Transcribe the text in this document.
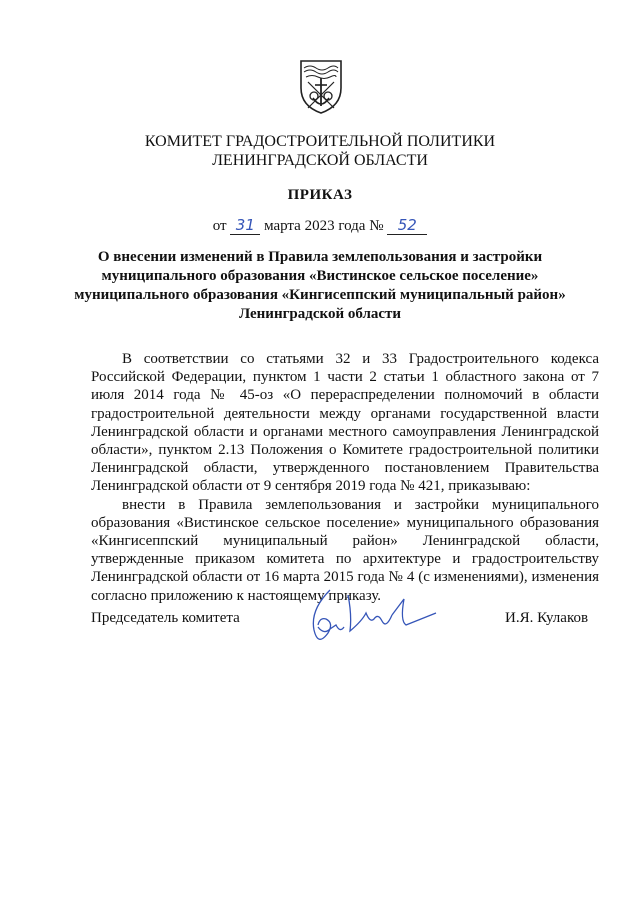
КОМИТЕТ ГРАДОСТРОИТЕЛЬНОЙ ПОЛИТИКИ
ЛЕНИНГРАДСКОЙ ОБЛАСТИ
ПРИКАЗ
от 31 марта 2023 года № 52
О внесении изменений в Правила землепользования и застройки
муниципального образования «Вистинское сельское поселение»
муниципального образования «Кингисеппский муниципальный район»
Ленинградской области

В соответствии со статьями 32 и 33 Градостроительного кодекса Российской Федерации, пунктом 1 части 2 статьи 1 областного закона от 7 июля 2014 года № 45-оз «О перераспределении полномочий в области градостроительной деятельности между органами государственной власти Ленинградской области и органами местного самоуправления Ленинградской области», пунктом 2.13 Положения о Комитете градостроительной политики Ленинградской области, утвержденного постановлением Правительства Ленинградской области от 9 сентября 2019 года № 421, приказываю:

внести в Правила землепользования и застройки муниципального образования «Вистинское сельское поселение» муниципального образования «Кингисеппский муниципальный район» Ленинградской области, утвержденные приказом комитета по архитектуре и градостроительству Ленинградской области от 16 марта 2015 года № 4 (с изменениями), изменения согласно приложению к настоящему приказу.

Председатель комитета	И.Я. Кулаков
